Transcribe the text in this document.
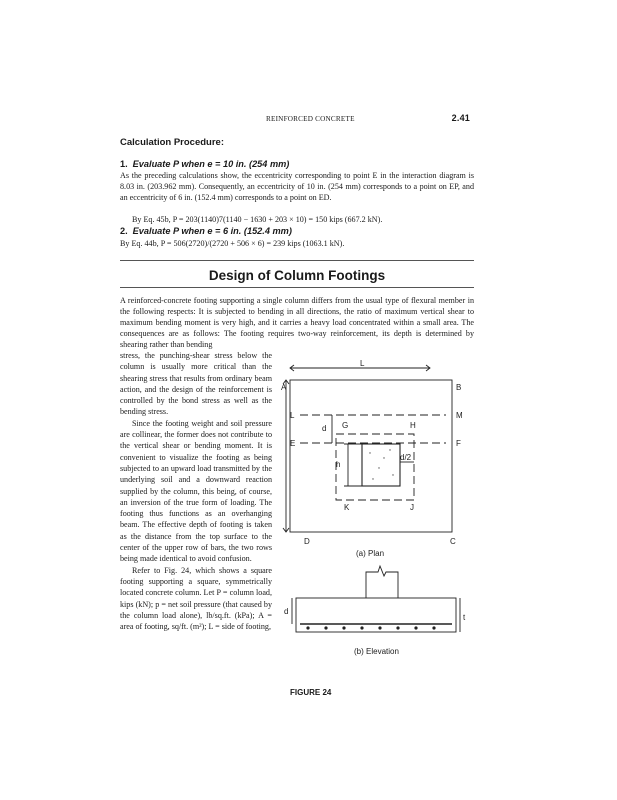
REINFORCED CONCRETE	2.41
Calculation Procedure:
1. Evaluate P when e = 10 in. (254 mm)

As the preceding calculations show, the eccentricity corresponding to point E in the interaction diagram is 8.03 in. (203.962 mm). Consequently, an eccentricity of 10 in. (254 mm) corresponds to a point on EP, and an eccentricity of 6 in. (152.4 mm) corresponds to a point on ED.

By Eq. 45b, P = 203(1140)7(1140 − 1630 + 203 × 10) = 150 kips (667.2 kN).

2. Evaluate P when e = 6 in. (152.4 mm)

By Eq. 44b, P = 506(2720)/(2720 + 506 × 6) = 239 kips (1063.1 kN).

Design of Column Footings

A reinforced-concrete footing supporting a single column differs from the usual type of flexural member in the following respects: It is subjected to bending in all directions, the ratio of maximum vertical shear to maximum bending moment is very high, and it carries a heavy load concentrated within a small area. The consequences are as follows: The footing requires two-way reinforcement, its depth is determined by shearing rather than bending

stress, the punching-shear stress below the column is usually more critical than the shearing stress that results from ordinary beam action, and the design of the reinforcement is controlled by the bond stress as well as the bending stress.

Since the footing weight and soil pressure are collinear, the former does not contribute to the vertical shear or bending moment. It is convenient to visualize the footing as being subjected to an upward load transmitted by the underlying soil and a downward reaction supplied by the column, this being, of course, an inversion of the true form of loading. The footing thus functions as an overhanging beam. The effective depth of footing is taken as the distance from the top surface to the center of the upper row of bars, the two rows being made identical to avoid confusion.

Refer to Fig. 24, which shows a square footing supporting a square, symmetrically located concrete column. Let P = column load, kips (kN); p = net soil pressure (that caused by the column load alone), lb/sq.ft. (kPa); A = area of footing, sq/ft. (m²); L = side of footing,

L
A	B
L	M
d G	H
E	F
h
d/2
K	J
D	C
(a) Plan
d
t
(b) Elevation
FIGURE 24
